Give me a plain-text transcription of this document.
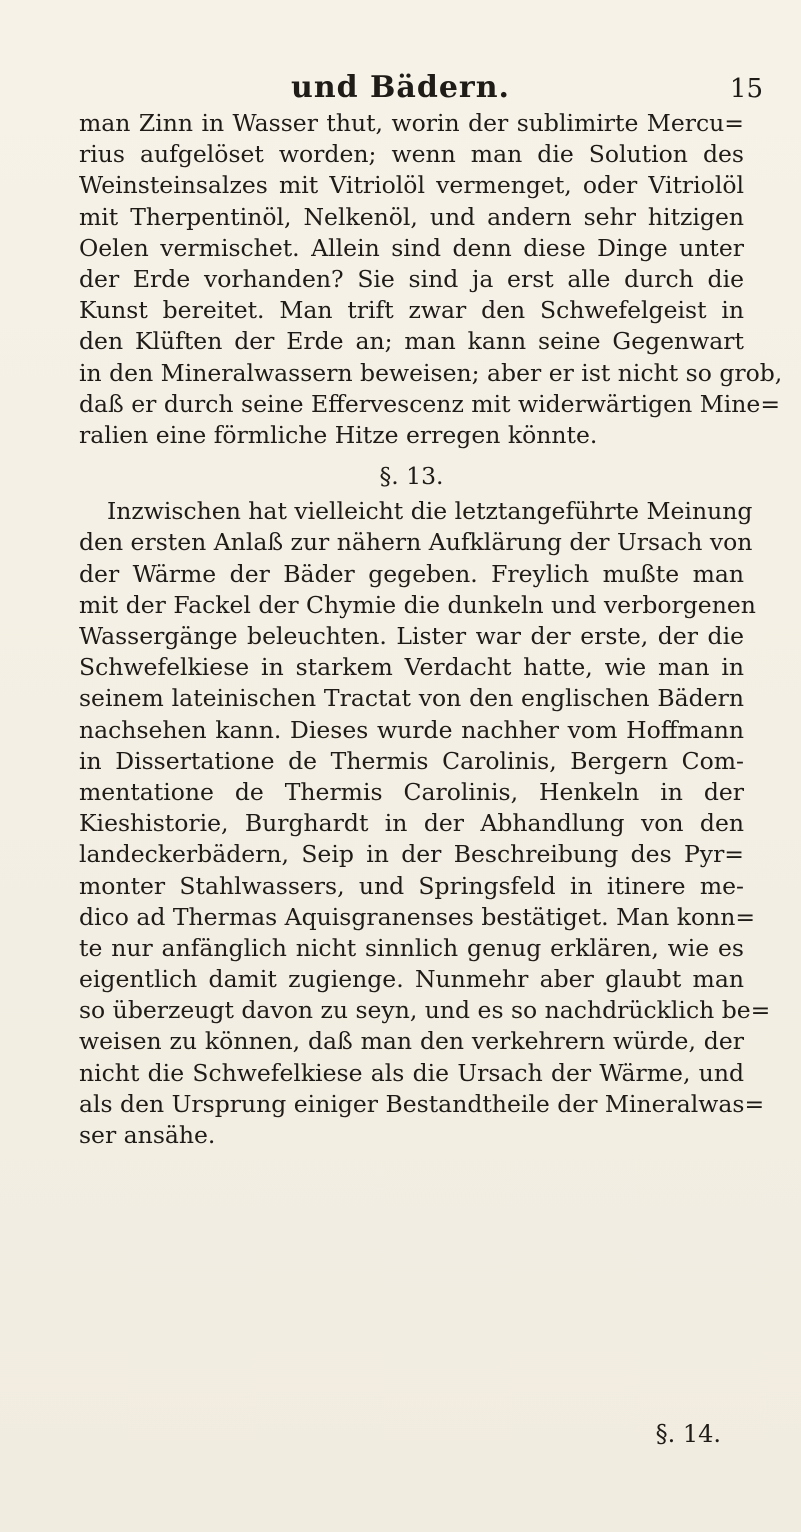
und Bädern.	15
man Zinn in Wasser thut, worin der sublimirte Mercu=
rius aufgelöset worden; wenn man die Solution des
Weinsteinsalzes mit Vitriolöl vermenget, oder Vitriolöl
mit Therpentinöl, Nelkenöl, und andern sehr hitzigen
Oelen vermischet. Allein sind denn diese Dinge unter
der Erde vorhanden? Sie sind ja erst alle durch die
Kunst bereitet. Man trift zwar den Schwefelgeist in
den Klüften der Erde an; man kann seine Gegenwart
in den Mineralwassern beweisen; aber er ist nicht so grob,
daß er durch seine Effervescenz mit widerwärtigen Mine=
ralien eine förmliche Hitze erregen könnte.
§. 13.
Inzwischen hat vielleicht die letztangeführte Meinung
den ersten Anlaß zur nähern Aufklärung der Ursach von
der Wärme der Bäder gegeben. Freylich mußte man
mit der Fackel der Chymie die dunkeln und verborgenen
Wassergänge beleuchten. Lister war der erste, der die
Schwefelkiese in starkem Verdacht hatte, wie man in
seinem lateinischen Tractat von den englischen Bädern
nachsehen kann. Dieses wurde nachher vom Hoffmann
in Dissertatione de Thermis Carolinis, Bergern Com-
mentatione de Thermis Carolinis, Henkeln in der
Kieshistorie, Burghardt in der Abhandlung von den
landeckerbädern, Seip in der Beschreibung des Pyr=
monter Stahlwassers, und Springsfeld in itinere me-
dico ad Thermas Aquisgranenses bestätiget. Man konn=
te nur anfänglich nicht sinnlich genug erklären, wie es
eigentlich damit zugienge. Nunmehr aber glaubt man
so überzeugt davon zu seyn, und es so nachdrücklich be=
weisen zu können, daß man den verkehrern würde, der
nicht die Schwefelkiese als die Ursach der Wärme, und
als den Ursprung einiger Bestandtheile der Mineralwas=
ser ansähe.
§. 14.
